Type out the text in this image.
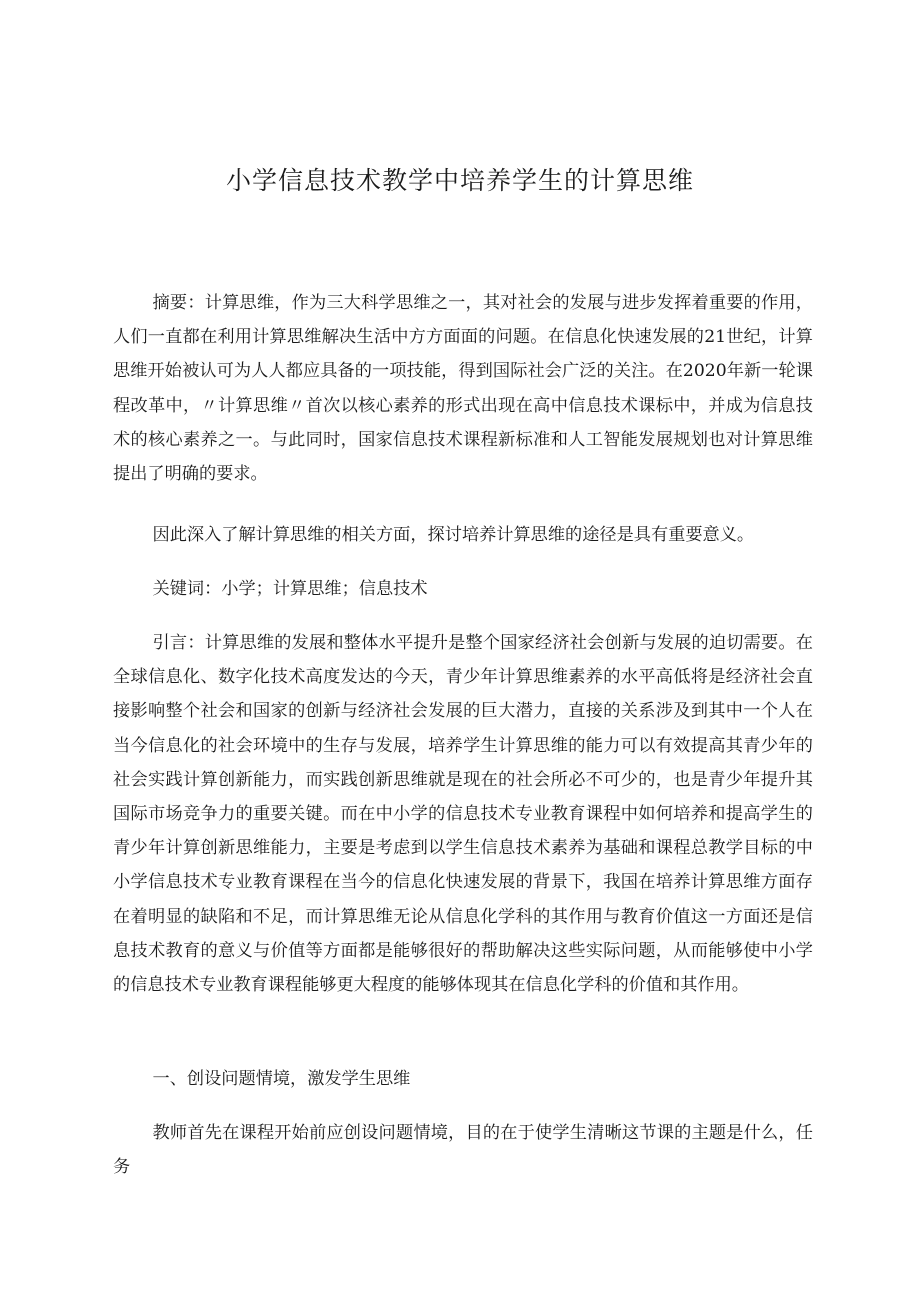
小学信息技术教学中培养学生的计算思维

摘要：计算思维，作为三大科学思维之一，其对社会的发展与进步发挥着重要的作用，人们一直都在利用计算思维解决生活中方方面面的问题。在信息化快速发展的21世纪，计算思维开始被认可为人人都应具备的一项技能，得到国际社会广泛的关注。在2020年新一轮课程改革中，〃计算思维〃首次以核心素养的形式出现在高中信息技术课标中，并成为信息技术的核心素养之一。与此同时，国家信息技术课程新标准和人工智能发展规划也对计算思维提出了明确的要求。

因此深入了解计算思维的相关方面，探讨培养计算思维的途径是具有重要意义。

关键词：小学；计算思维；信息技术

引言：计算思维的发展和整体水平提升是整个国家经济社会创新与发展的迫切需要。在全球信息化、数字化技术高度发达的今天，青少年计算思维素养的水平高低将是经济社会直接影响整个社会和国家的创新与经济社会发展的巨大潜力，直接的关系涉及到其中一个人在当今信息化的社会环境中的生存与发展，培养学生计算思维的能力可以有效提高其青少年的社会实践计算创新能力，而实践创新思维就是现在的社会所必不可少的，也是青少年提升其国际市场竞争力的重要关键。而在中小学的信息技术专业教育课程中如何培养和提高学生的青少年计算创新思维能力，主要是考虑到以学生信息技术素养为基础和课程总教学目标的中小学信息技术专业教育课程在当今的信息化快速发展的背景下，我国在培养计算思维方面存在着明显的缺陷和不足，而计算思维无论从信息化学科的其作用与教育价值这一方面还是信息技术教育的意义与价值等方面都是能够很好的帮助解决这些实际问题，从而能够使中小学的信息技术专业教育课程能够更大程度的能够体现其在信息化学科的价值和其作用。

一、创设问题情境，激发学生思维

教师首先在课程开始前应创设问题情境，目的在于使学生清晰这节课的主题是什么，任务
